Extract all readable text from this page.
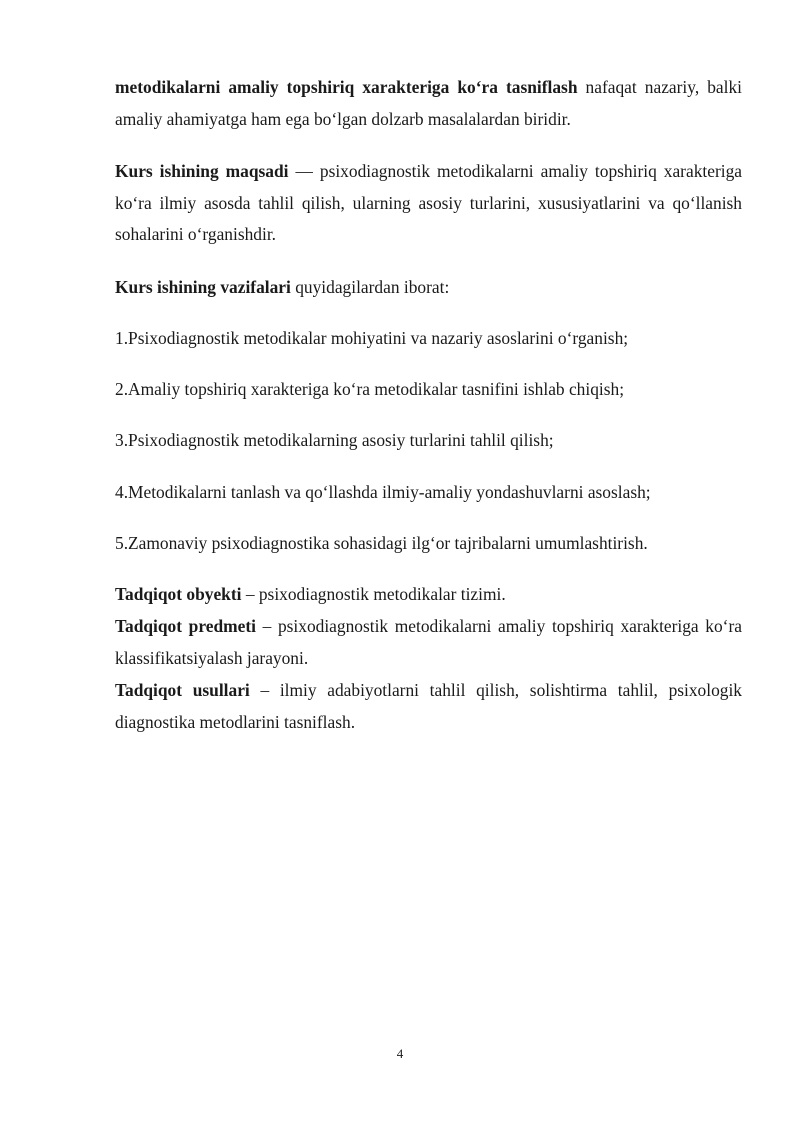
metodikalarni amaliy topshiriq xarakteriga ko‘ra tasniflash nafaqat nazariy, balki amaliy ahamiyatga ham ega bo‘lgan dolzarb masalalardan biridir.
Kurs ishining maqsadi — psixodiagnostik metodikalarni amaliy topshiriq xarakteriga ko‘ra ilmiy asosda tahlil qilish, ularning asosiy turlarini, xususiyatlarini va qo‘llanish sohalarini o‘rganishdir.
Kurs ishining vazifalari quyidagilardan iborat:
1.Psixodiagnostik metodikalar mohiyatini va nazariy asoslarini o‘rganish;
2.Amaliy topshiriq xarakteriga ko‘ra metodikalar tasnifini ishlab chiqish;
3.Psixodiagnostik metodikalarning asosiy turlarini tahlil qilish;
4.Metodikalarni tanlash va qo‘llashda ilmiy-amaliy yondashuvlarni asoslash;
5.Zamonaviy psixodiagnostika sohasidagi ilg‘or tajribalarni umumlashtirish.
Tadqiqot obyekti – psixodiagnostik metodikalar tizimi.
Tadqiqot predmeti – psixodiagnostik metodikalarni amaliy topshiriq xarakteriga ko‘ra klassifikatsiyalash jarayoni.
Tadqiqot usullari – ilmiy adabiyotlarni tahlil qilish, solishtirma tahlil, psixologik diagnostika metodlarini tasniflash.
4
